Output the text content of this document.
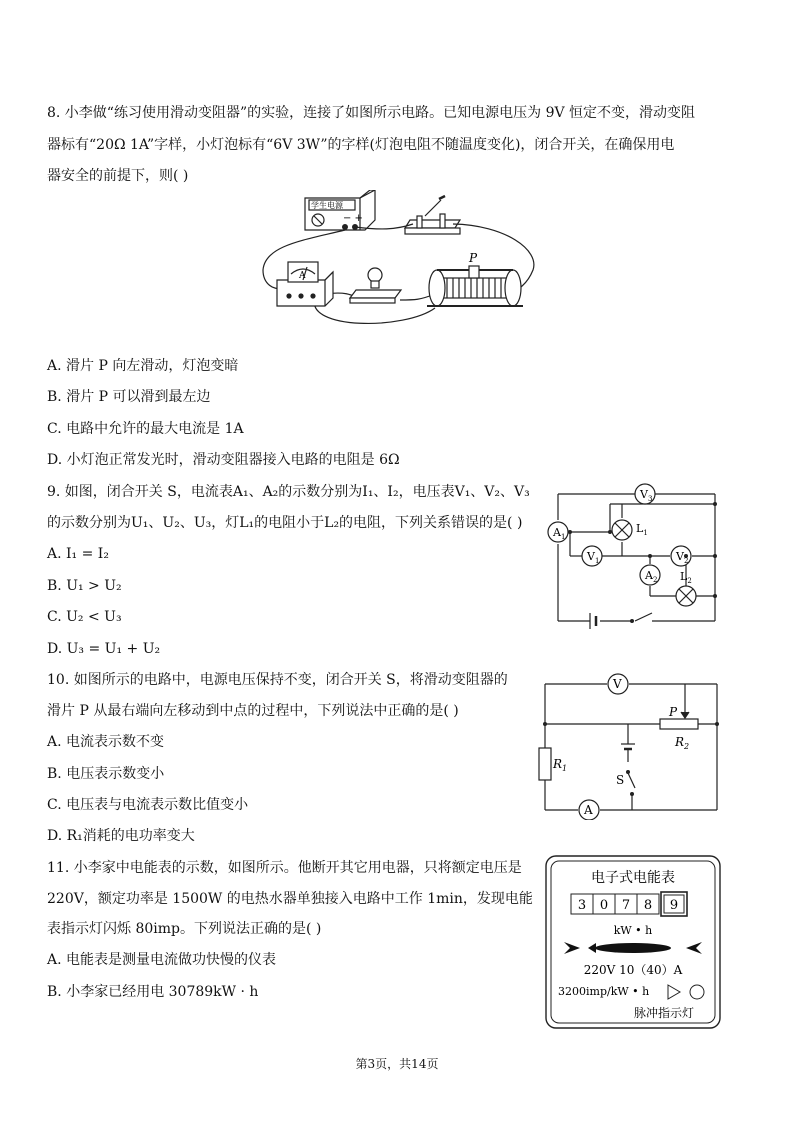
8. 小李做“练习使用滑动变阻器”的实验，连接了如图所示电路。已知电源电压为 9V 恒定不变，滑动变阻
器标有“20Ω 1A”字样，小灯泡标有“6V 3W”的字样(灯泡电阻不随温度变化)，闭合开关，在确保用电
器安全的前提下，则( )
学生电源
− +
A
P
A. 滑片 P 向左滑动，灯泡变暗
B. 滑片 P 可以滑到最左边
C. 电路中允许的最大电流是 1A
D. 小灯泡正常发光时，滑动变阻器接入电路的电阻是 6Ω
9. 如图，闭合开关 S，电流表A₁、A₂的示数分别为I₁、I₂，电压表V₁、V₂、V₃
的示数分别为U₁、U₂、U₃，灯L₁的电阻小于L₂的电阻，下列关系错误的是( )
A. I₁ = I₂
B. U₁ > U₂
C. U₂ < U₃
D. U₃ = U₁ + U₂
$V_3$
$A_1$
$L_1$
$V_1$	$V_2$
$A_2$ $L_2$
10. 如图所示的电路中，电源电压保持不变，闭合开关 S，将滑动变阻器的
滑片 P 从最右端向左移动到中点的过程中，下列说法中正确的是( )
A. 电流表示数不变
B. 电压表示数变小
C. 电压表与电流表示数比值变小
D. R₁消耗的电功率变大
V
A
P
$R_1$
$R_2$
S
11. 小李家中电能表的示数，如图所示。他断开其它用电器，只将额定电压是
220V，额定功率是 1500W 的电热水器单独接入电路中工作 1min，发现电能
表指示灯闪烁 80imp。下列说法正确的是( )
A. 电能表是测量电流做功快慢的仪表
B. 小李家已经用电 30789kW · h
电子式电能表
3 0 7 8 9
kW • h
220V 10（40）A
3200imp/kW • h
脉冲指示灯
第3页，共14页
